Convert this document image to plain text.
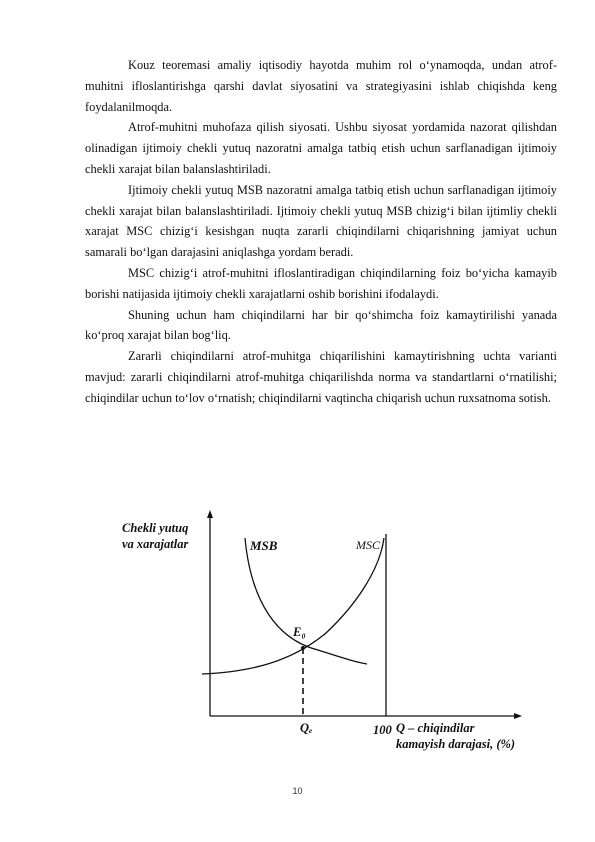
Kouz teoremasi amaliy iqtisodiy hayotda muhim rol o‘ynamoqda, undan atrof-muhitni ifloslantirishga qarshi davlat siyosatini va strategiyasini ishlab chiqishda keng foydalanilmoqda.

Atrof-muhitni muhofaza qilish siyosati. Ushbu siyosat yordamida nazorat qilishdan olinadigan ijtimoiy chekli yutuq nazoratni amalga tatbiq etish uchun sarflanadigan ijtimoiy chekli xarajat bilan balanslashtiriladi.

Ijtimoiy chekli yutuq MSB nazoratni amalga tatbiq etish uchun sarflanadigan ijtimoiy chekli xarajat bilan balanslashtiriladi. Ijtimoiy chekli yutuq MSB chizig‘i bilan ijtimliy chekli xarajat MSC chizig‘i kesishgan nuqta zararli chiqindilarni chiqarishning jamiyat uchun samarali bo‘lgan darajasini aniqlashga yordam beradi.

MSC chizig‘i atrof-muhitni ifloslantiradigan chiqindilarning foiz bo‘yicha kamayib borishi natijasida ijtimoiy chekli xarajatlarni oshib borishini ifodalaydi.

Shuning uchun ham chiqindilarni har bir qo‘shimcha foiz kamaytirilishi yanada ko‘proq xarajat bilan bog‘liq.

Zararli chiqindilarni atrof-muhitga chiqarilishini kamaytirishning uchta varianti mavjud: zararli chiqindilarni atrof-muhitga chiqarilishda norma va standartlarni o‘rnatilishi; chiqindilar uchun to‘lov o‘rnatish; chiqindilarni vaqtincha chiqarish uchun ruxsatnoma sotish.

Chekli yutuq
va xarajatlar	MSB	MSC
E₀
Qₑ	100 Q – chiqindilar
kamayish darajasi, (%)
10
